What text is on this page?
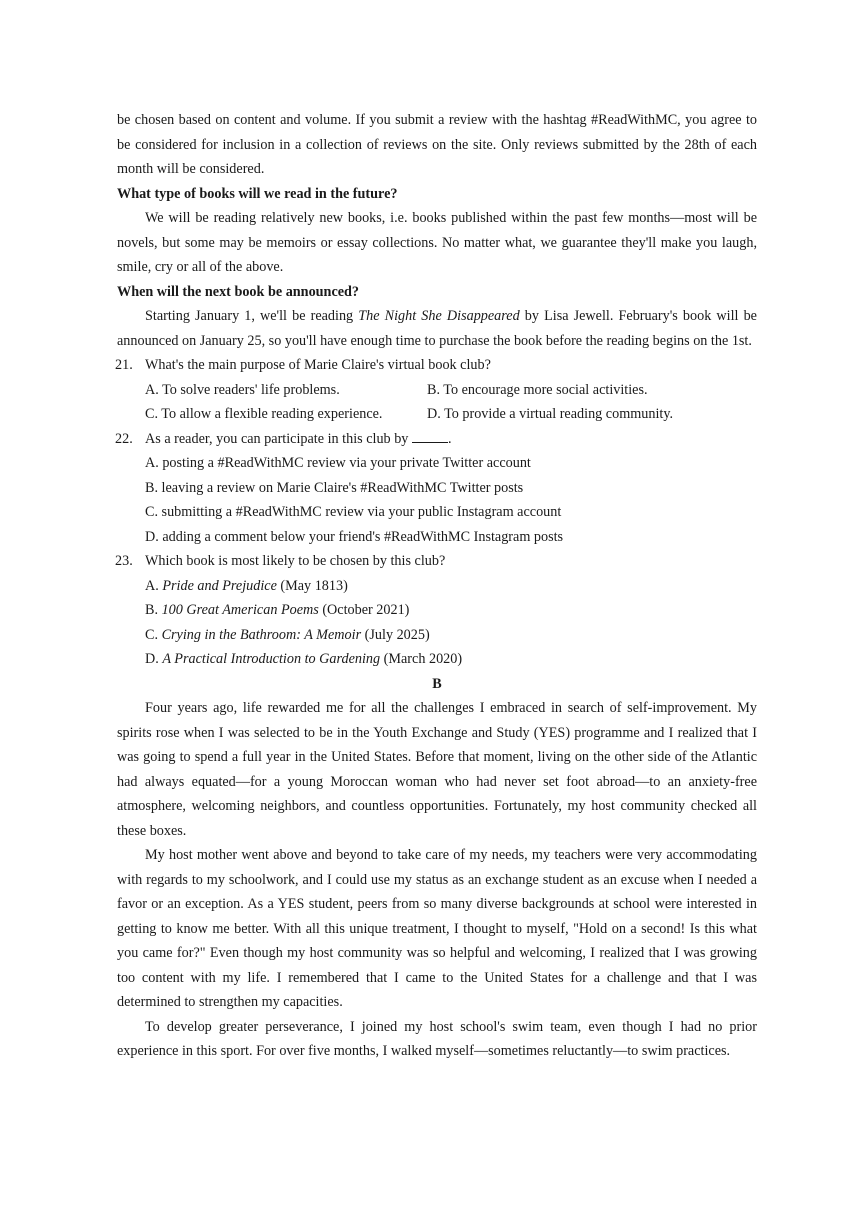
be chosen based on content and volume. If you submit a review with the hashtag #ReadWithMC, you agree to be considered for inclusion in a collection of reviews on the site. Only reviews submitted by the 28th of each month will be considered.

What type of books will we read in the future?

We will be reading relatively new books, i.e. books published within the past few months—most will be novels, but some may be memoirs or essay collections. No matter what, we guarantee they'll make you laugh, smile, cry or all of the above.

When will the next book be announced?

Starting January 1, we'll be reading The Night She Disappeared by Lisa Jewell. February's book will be announced on January 25, so you'll have enough time to purchase the book before the reading begins on the 1st.

21. What's the main purpose of Marie Claire's virtual book club?
A. To solve readers' life problems.	B. To encourage more social activities.
C. To allow a flexible reading experience.	D. To provide a virtual reading community.
22. As a reader, you can participate in this club by	.

A. posting a #ReadWithMC review via your private Twitter account

B. leaving a review on Marie Claire's #ReadWithMC Twitter posts

C. submitting a #ReadWithMC review via your public Instagram account

D. adding a comment below your friend's #ReadWithMC Instagram posts

23. Which book is most likely to be chosen by this club?

A. Pride and Prejudice (May 1813)

B. 100 Great American Poems (October 2021)

C. Crying in the Bathroom: A Memoir (July 2025)

D. A Practical Introduction to Gardening (March 2020)

B

Four years ago, life rewarded me for all the challenges I embraced in search of self-improvement. My spirits rose when I was selected to be in the Youth Exchange and Study (YES) programme and I realized that I was going to spend a full year in the United States. Before that moment, living on the other side of the Atlantic had always equated—for a young Moroccan woman who had never set foot abroad—to an anxiety-free atmosphere, welcoming neighbors, and countless opportunities. Fortunately, my host community checked all these boxes.

My host mother went above and beyond to take care of my needs, my teachers were very accommodating with regards to my schoolwork, and I could use my status as an exchange student as an excuse when I needed a favor or an exception. As a YES student, peers from so many diverse backgrounds at school were interested in getting to know me better. With all this unique treatment, I thought to myself, "Hold on a second! Is this what you came for?" Even though my host community was so helpful and welcoming, I realized that I was growing too content with my life. I remembered that I came to the United States for a challenge and that I was determined to strengthen my capacities.

To develop greater perseverance, I joined my host school's swim team, even though I had no prior experience in this sport. For over five months, I walked myself—sometimes reluctantly—to swim practices.
